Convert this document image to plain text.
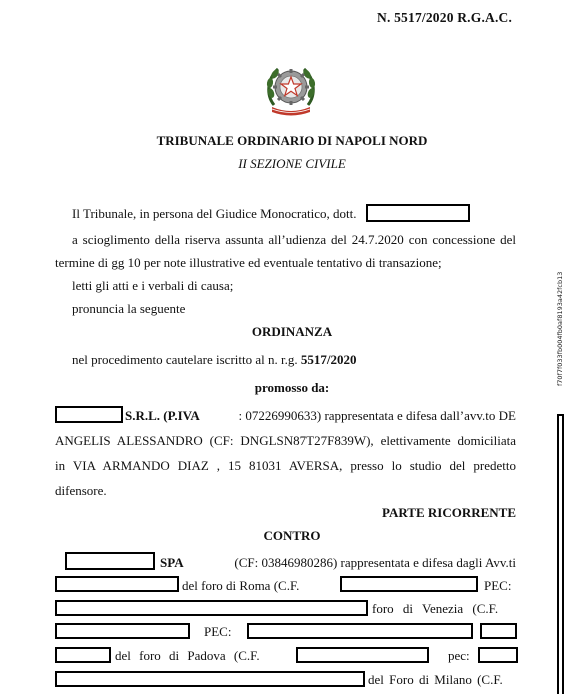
N. 5517/2020 R.G.A.C.
TRIBUNALE ORDINARIO DI NAPOLI NORD
II SEZIONE CIVILE
Il Tribunale, in persona del Giudice Monocratico, dott.
a scioglimento della riserva assunta all’udienza del 24.7.2020 con concessione del
termine di gg 10 per note illustrative ed eventuale tentativo di transazione;
letti gli atti e i verbali di causa;
pronuncia la seguente
ORDINANZA
nel procedimento cautelare iscritto al n. r.g. 5517/2020
promosso da:
S.R.L. (P.IVA	: 07226990633) rappresentata e difesa dall’avv.to DE
ANGELIS ALESSANDRO (CF: DNGLSN87T27F839W), elettivamente domiciliata
in VIA ARMANDO DIAZ , 15 81031 AVERSA, presso lo studio del predetto
difensore.
PARTE RICORRENTE
CONTRO
SPA	(CF: 03846980286) rappresentata e difesa dagli Avv.ti
del foro di Roma (C.F.	PEC:
foro di Venezia (C.F.
PEC:
del foro di Padova (C.F.	pec:
del Foro di Milano (C.F.
f70f7f033fb004fb0af8193a42fcb13
